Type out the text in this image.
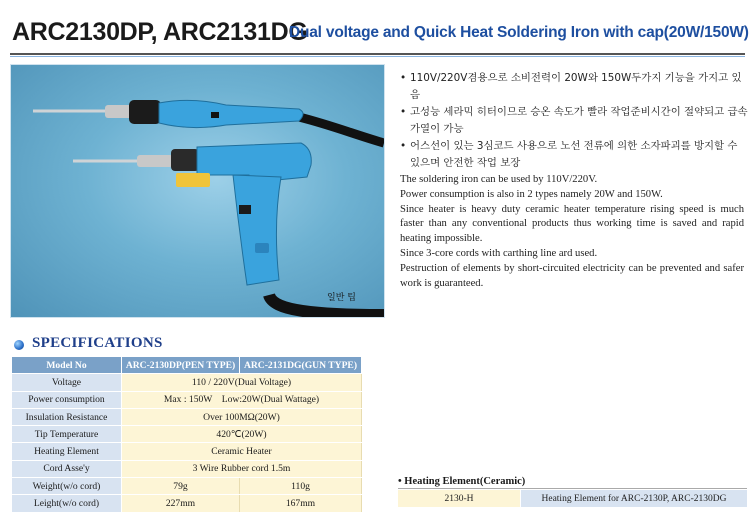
ARC2130DP, ARC2131DG
Dual voltage and Quick Heat Soldering Iron with cap(20W/150W)
일반 팁
• 110V/220V겸용으로 소비전력이 20W와 150W두가지 기능을 가지고 있음
• 고성능 세라믹 히터이므로 승온 속도가 빨라 작업준비시간이 절약되고 급속가열이 가능
• 어스선이 있는 3심코드 사용으로 노선 전류에 의한 소자파괴를 방지할 수 있으며 안전한 작업 보장

The soldering iron can be used by 110V/220V.

Power consumption is also in 2 types namely 20W and 150W.

Since heater is heavy duty ceramic heater temperature rising speed is much faster than any conventional products thus working time is saved and rapid heating impossible.

Since 3-core cords with carthing line ard used.

Pestruction of elements by short-circuited electricity can be prevented and safer work is guaranteed.

SPECIFICATIONS
Model No	ARC-2130DP(PEN TYPE)	ARC-2131DG(GUN TYPE)
Voltage	110 / 220V(Dual Voltage)	
Power consumption	Max : 150W    Low:20W(Dual Wattage)	
Insulation Resistance	Over 100MΩ(20W)	
Tip Temperature	420℃(20W)	
Heating Element	Ceramic Heater	
Cord Asse'y	3 Wire Rubber cord 1.5m	
Weight(w/o cord)	79g	110g
Leight(w/o cord)	227mm	167mm
• Heating Element(Ceramic)
2130-H	Heating Element for ARC-2130P, ARC-2130DG
